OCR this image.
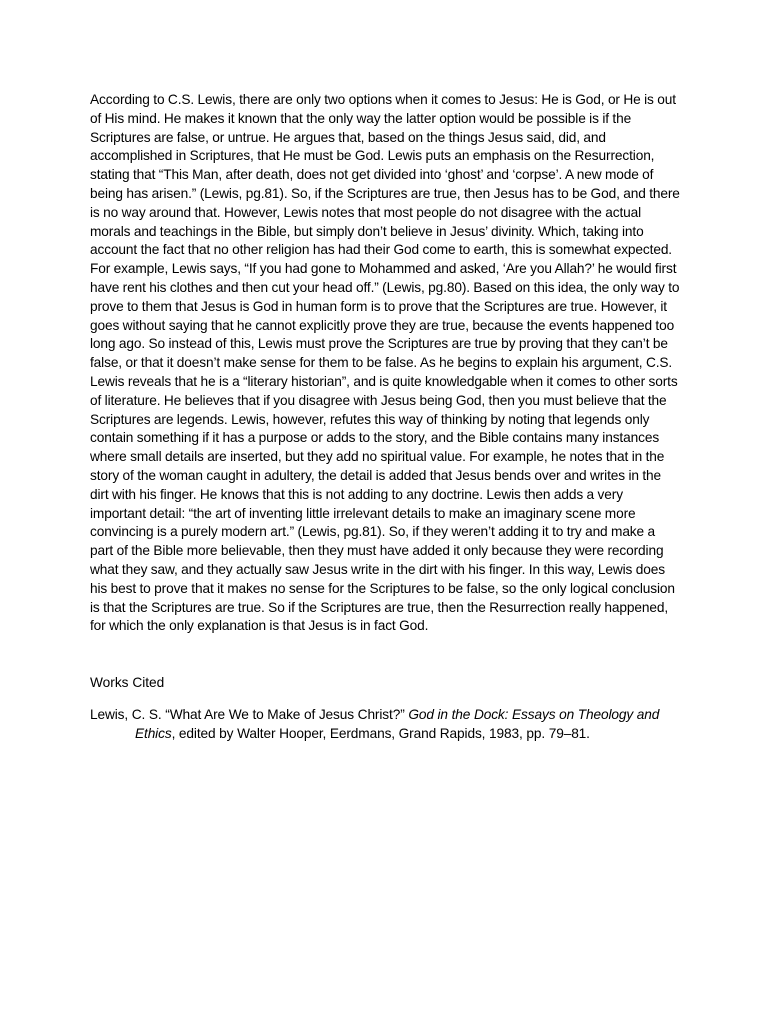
According to C.S. Lewis, there are only two options when it comes to Jesus: He is God, or He is out of His mind. He makes it known that the only way the latter option would be possible is if the Scriptures are false, or untrue. He argues that, based on the things Jesus said, did, and accomplished in Scriptures, that He must be God. Lewis puts an emphasis on the Resurrection, stating that “This Man, after death, does not get divided into ‘ghost’ and ‘corpse’. A new mode of being has arisen.” (Lewis, pg.81). So, if the Scriptures are true, then Jesus has to be God, and there is no way around that. However, Lewis notes that most people do not disagree with the actual morals and teachings in the Bible, but simply don’t believe in Jesus’ divinity. Which, taking into account the fact that no other religion has had their God come to earth, this is somewhat expected. For example, Lewis says, “If you had gone to Mohammed and asked, ‘Are you Allah?’ he would first have rent his clothes and then cut your head off.” (Lewis, pg.80). Based on this idea, the only way to prove to them that Jesus is God in human form is to prove that the Scriptures are true. However, it goes without saying that he cannot explicitly prove they are true, because the events happened too long ago. So instead of this, Lewis must prove the Scriptures are true by proving that they can’t be false, or that it doesn’t make sense for them to be false. As he begins to explain his argument, C.S. Lewis reveals that he is a “literary historian”, and is quite knowledgable when it comes to other sorts of literature. He believes that if you disagree with Jesus being God, then you must believe that the Scriptures are legends. Lewis, however, refutes this way of thinking by noting that legends only contain something if it has a purpose or adds to the story, and the Bible contains many instances where small details are inserted, but they add no spiritual value. For example, he notes that in the story of the woman caught in adultery, the detail is added that Jesus bends over and writes in the dirt with his finger. He knows that this is not adding to any doctrine. Lewis then adds a very important detail: “the art of inventing little irrelevant details to make an imaginary scene more convincing is a purely modern art.” (Lewis, pg.81). So, if they weren’t adding it to try and make a part of the Bible more believable, then they must have added it only because they were recording what they saw, and they actually saw Jesus write in the dirt with his finger. In this way, Lewis does his best to prove that it makes no sense for the Scriptures to be false, so the only logical conclusion is that the Scriptures are true. So if the Scriptures are true, then the Resurrection really happened, for which the only explanation is that Jesus is in fact God.

Works Cited

Lewis, C. S. “What Are We to Make of Jesus Christ?” God in the Dock: Essays on Theology and Ethics, edited by Walter Hooper, Eerdmans, Grand Rapids, 1983, pp. 79–81.
